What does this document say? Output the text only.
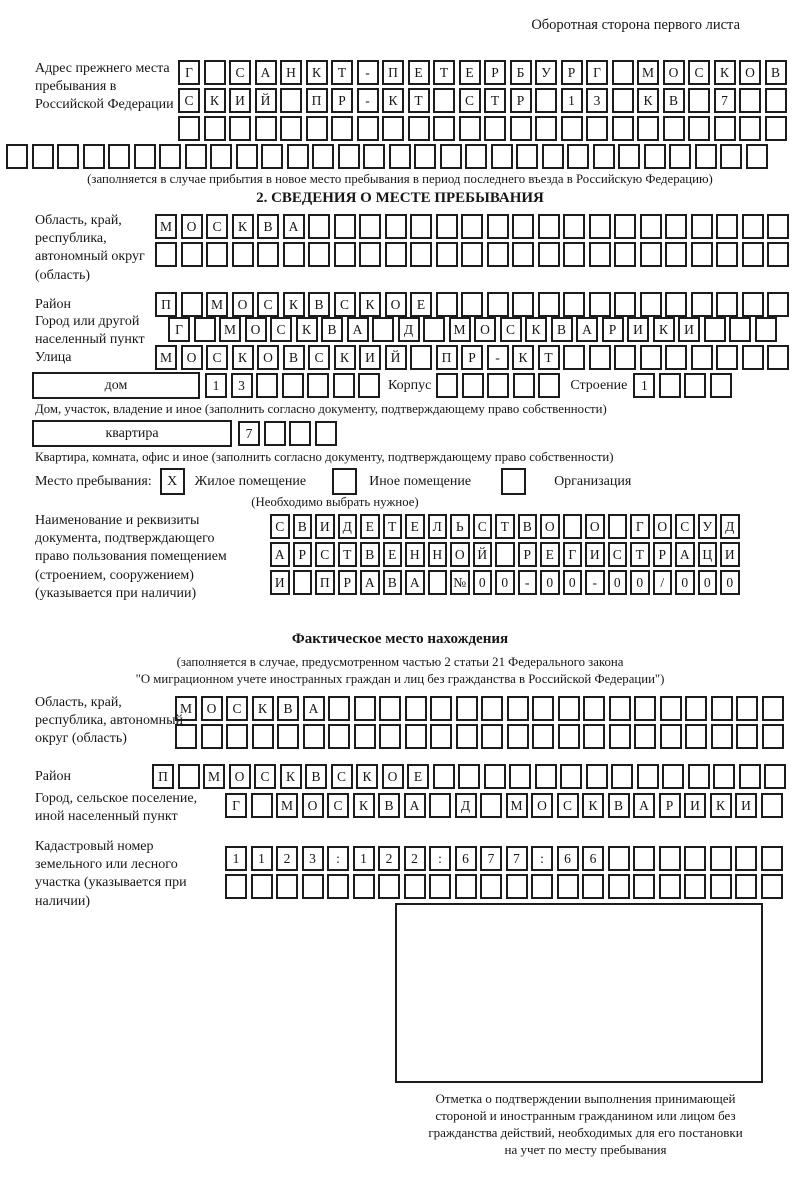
Оборотная сторона первого листа
Адрес прежнего места пребывания в Российской Федерации
Г	С	А	Н	К	Т	-	П	Е	Т	Е	Р	Б	У	Р	Г	М	О	С	К	О	В
С	К	И	Й	П	Р	-	К	Т	С	Т	Р	1	3	К	В	7
(заполняется в случае прибытия в новое место пребывания в период последнего въезда в Российскую Федерацию)
2. СВЕДЕНИЯ О МЕСТЕ ПРЕБЫВАНИЯ
Область, край, республика, автономный округ (область)
М	О	С	К	В	А
Район	П	М	О	С	К	В	С	К	О	Е
Город или другой населенный пункт
Г	М	О	С	К	В	А	Д	М	О	С	К	В	А	Р	И	К	И
Улица	М	О	С	К	О	В	С	К	И	Й	П	Р	-	К	Т
дом	1	3	Корпус	Строение	1
Дом, участок, владение и иное (заполнить согласно документу, подтверждающему право собственности)
квартира	7
Квартира, комната, офис и иное (заполнить согласно документу, подтверждающему право собственности)
Место пребывания:	X	Жилое помещение	Иное помещение	Организация
(Необходимо выбрать нужное)
Наименование и реквизиты документа, подтверждающего право пользования помещением (строением, сооружением) (указывается при наличии)
С В И Д	Е	Т	Е	Л	Ь	С	Т	В О	О	Г	О С У Д
А	Р	С	Т	В	Е	Н Н О Й	Р	Е	Г	И С	Т	Р	А Ц И
И	П	Р	А В А	№ 0	0	-	0	0	-	0	0	/	0	0	0
Фактическое место нахождения
(заполняется в случае, предусмотренном частью 2 статьи 21 Федерального закона
"О миграционном учете иностранных граждан и лиц без гражданства в Российской Федерации")
Область, край, республика, автономный округ (область)
М	О	С	К	В	А
Район	П	М	О	С	К	В	С	К	О	Е
Город, сельское поселение, иной населенный пункт
Г	М	О	С	К	В	А	Д	М	О	С	К	В	А	Р	И	К	И
Кадастровый номер земельного или лесного участка (указывается при наличии)
1	1	2	3	:	1	2	2	:	6	7	7	:	6	6
Отметка о подтверждении выполнения принимающей
стороной и иностранным гражданином или лицом без
гражданства действий, необходимых для его постановки
на учет по месту пребывания
